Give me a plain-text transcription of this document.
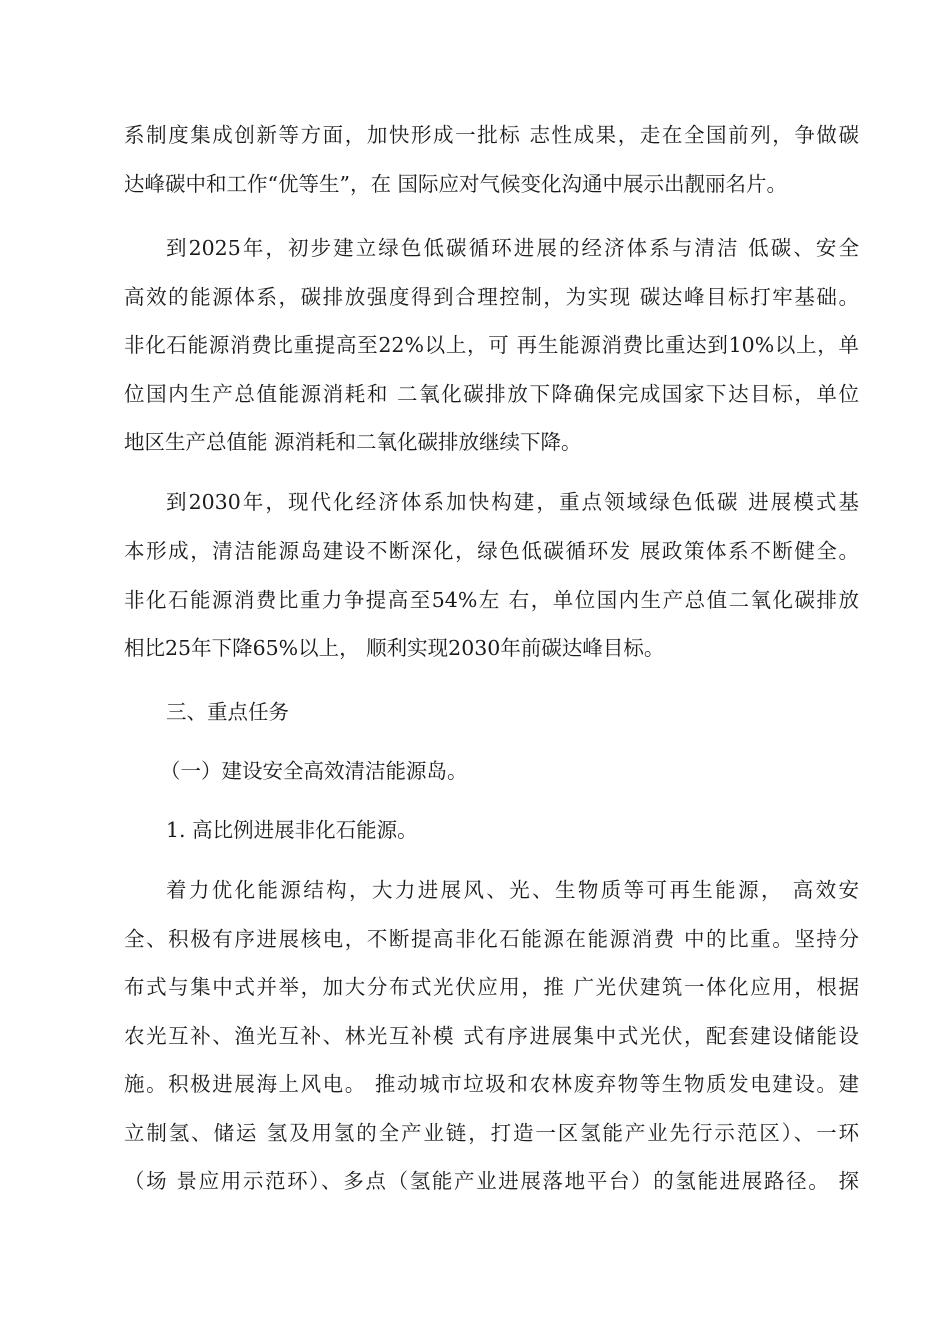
系制度集成创新等方面，加快形成一批标 志性成果，走在全国前列，争做碳
达峰碳中和工作“优等生”，在 国际应对气候变化沟通中展示出靓丽名片。
到2025年，初步建立绿色低碳循环进展的经济体系与清洁 低碳、安全
高效的能源体系，碳排放强度得到合理控制，为实现 碳达峰目标打牢基础。
非化石能源消费比重提高至22%以上，可 再生能源消费比重达到10%以上，单
位国内生产总值能源消耗和 二氧化碳排放下降确保完成国家下达目标，单位
地区生产总值能 源消耗和二氧化碳排放继续下降。
到2030年，现代化经济体系加快构建，重点领域绿色低碳 进展模式基
本形成，清洁能源岛建设不断深化，绿色低碳循环发 展政策体系不断健全。
非化石能源消费比重力争提高至54%左 右，单位国内生产总值二氧化碳排放
相比25年下降65%以上， 顺利实现2030年前碳达峰目标。
三、重点任务
（一）建设安全高效清洁能源岛。
1. 高比例进展非化石能源。
着力优化能源结构，大力进展风、光、生物质等可再生能源， 高效安
全、积极有序进展核电，不断提高非化石能源在能源消费 中的比重。坚持分
布式与集中式并举，加大分布式光伏应用，推 广光伏建筑一体化应用，根据
农光互补、渔光互补、林光互补模 式有序进展集中式光伏，配套建设储能设
施。积极进展海上风电。 推动城市垃圾和农林废弃物等生物质发电建设。建
立制氢、储运 氢及用氢的全产业链，打造一区氢能产业先行示范区）、一环
（场 景应用示范环）、多点（氢能产业进展落地平台）的氢能进展路径。 探
